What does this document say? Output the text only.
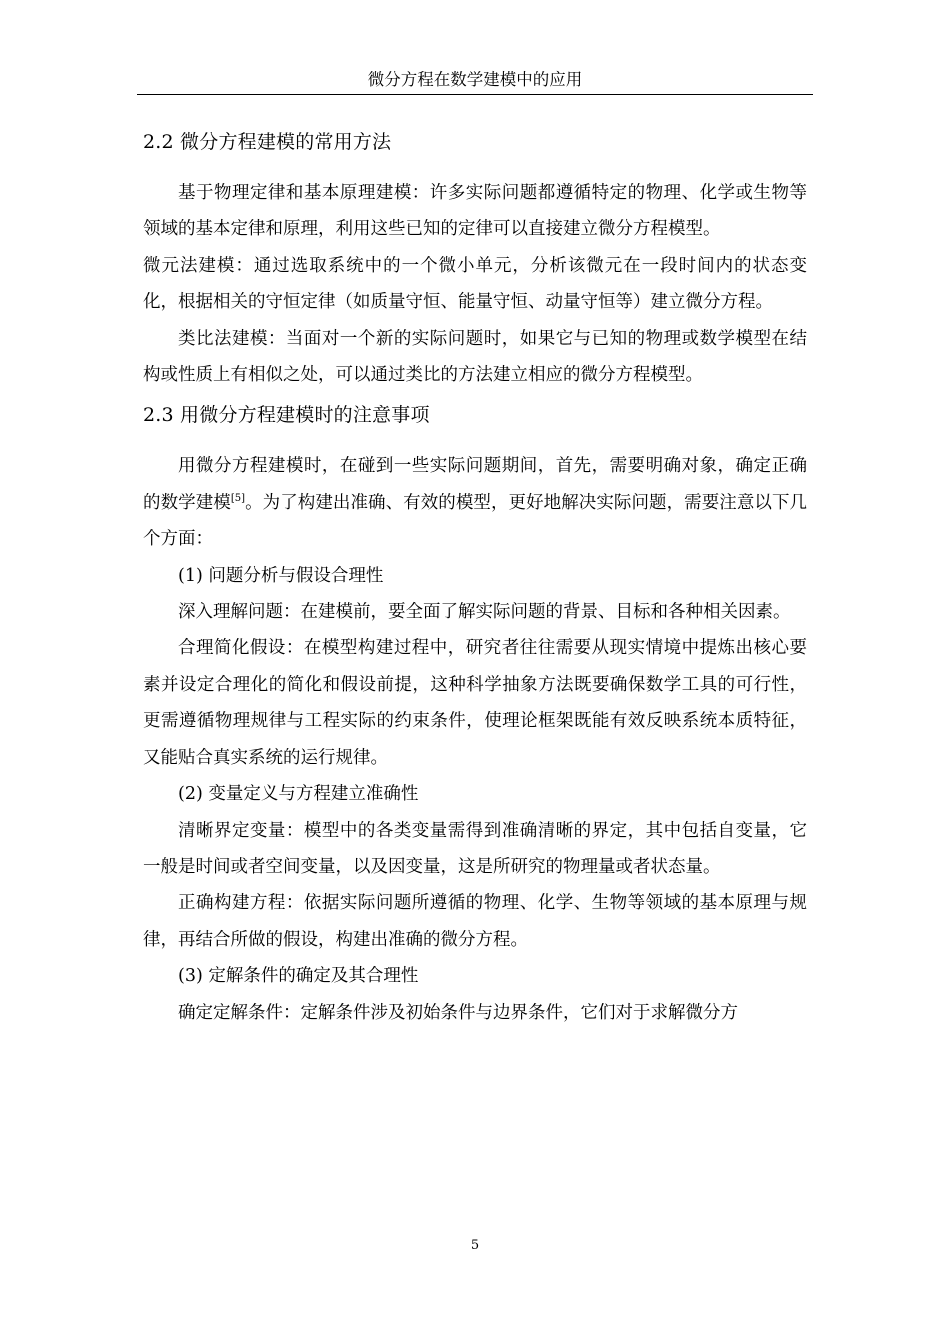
微分方程在数学建模中的应用
2.2 微分方程建模的常用方法

基于物理定律和基本原理建模：许多实际问题都遵循特定的物理、化学或生物等领域的基本定律和原理，利用这些已知的定律可以直接建立微分方程模型。

微元法建模：通过选取系统中的一个微小单元，分析该微元在一段时间内的状态变化，根据相关的守恒定律（如质量守恒、能量守恒、动量守恒等）建立微分方程。

类比法建模：当面对一个新的实际问题时，如果它与已知的物理或数学模型在结构或性质上有相似之处，可以通过类比的方法建立相应的微分方程模型。

2.3 用微分方程建模时的注意事项

用微分方程建模时，在碰到一些实际问题期间，首先，需要明确对象，确定正确的数学建模[5]。为了构建出准确、有效的模型，更好地解决实际问题，需要注意以下几个方面：

(1) 问题分析与假设合理性

深入理解问题：在建模前，要全面了解实际问题的背景、目标和各种相关因素。

合理简化假设：在模型构建过程中，研究者往往需要从现实情境中提炼出核心要素并设定合理化的简化和假设前提，这种科学抽象方法既要确保数学工具的可行性，更需遵循物理规律与工程实际的约束条件，使理论框架既能有效反映系统本质特征，又能贴合真实系统的运行规律。

(2) 变量定义与方程建立准确性

清晰界定变量：模型中的各类变量需得到准确清晰的界定，其中包括自变量，它一般是时间或者空间变量，以及因变量，这是所研究的物理量或者状态量。

正确构建方程：依据实际问题所遵循的物理、化学、生物等领域的基本原理与规律，再结合所做的假设，构建出准确的微分方程。

(3) 定解条件的确定及其合理性

确定定解条件：定解条件涉及初始条件与边界条件，它们对于求解微分方

5
